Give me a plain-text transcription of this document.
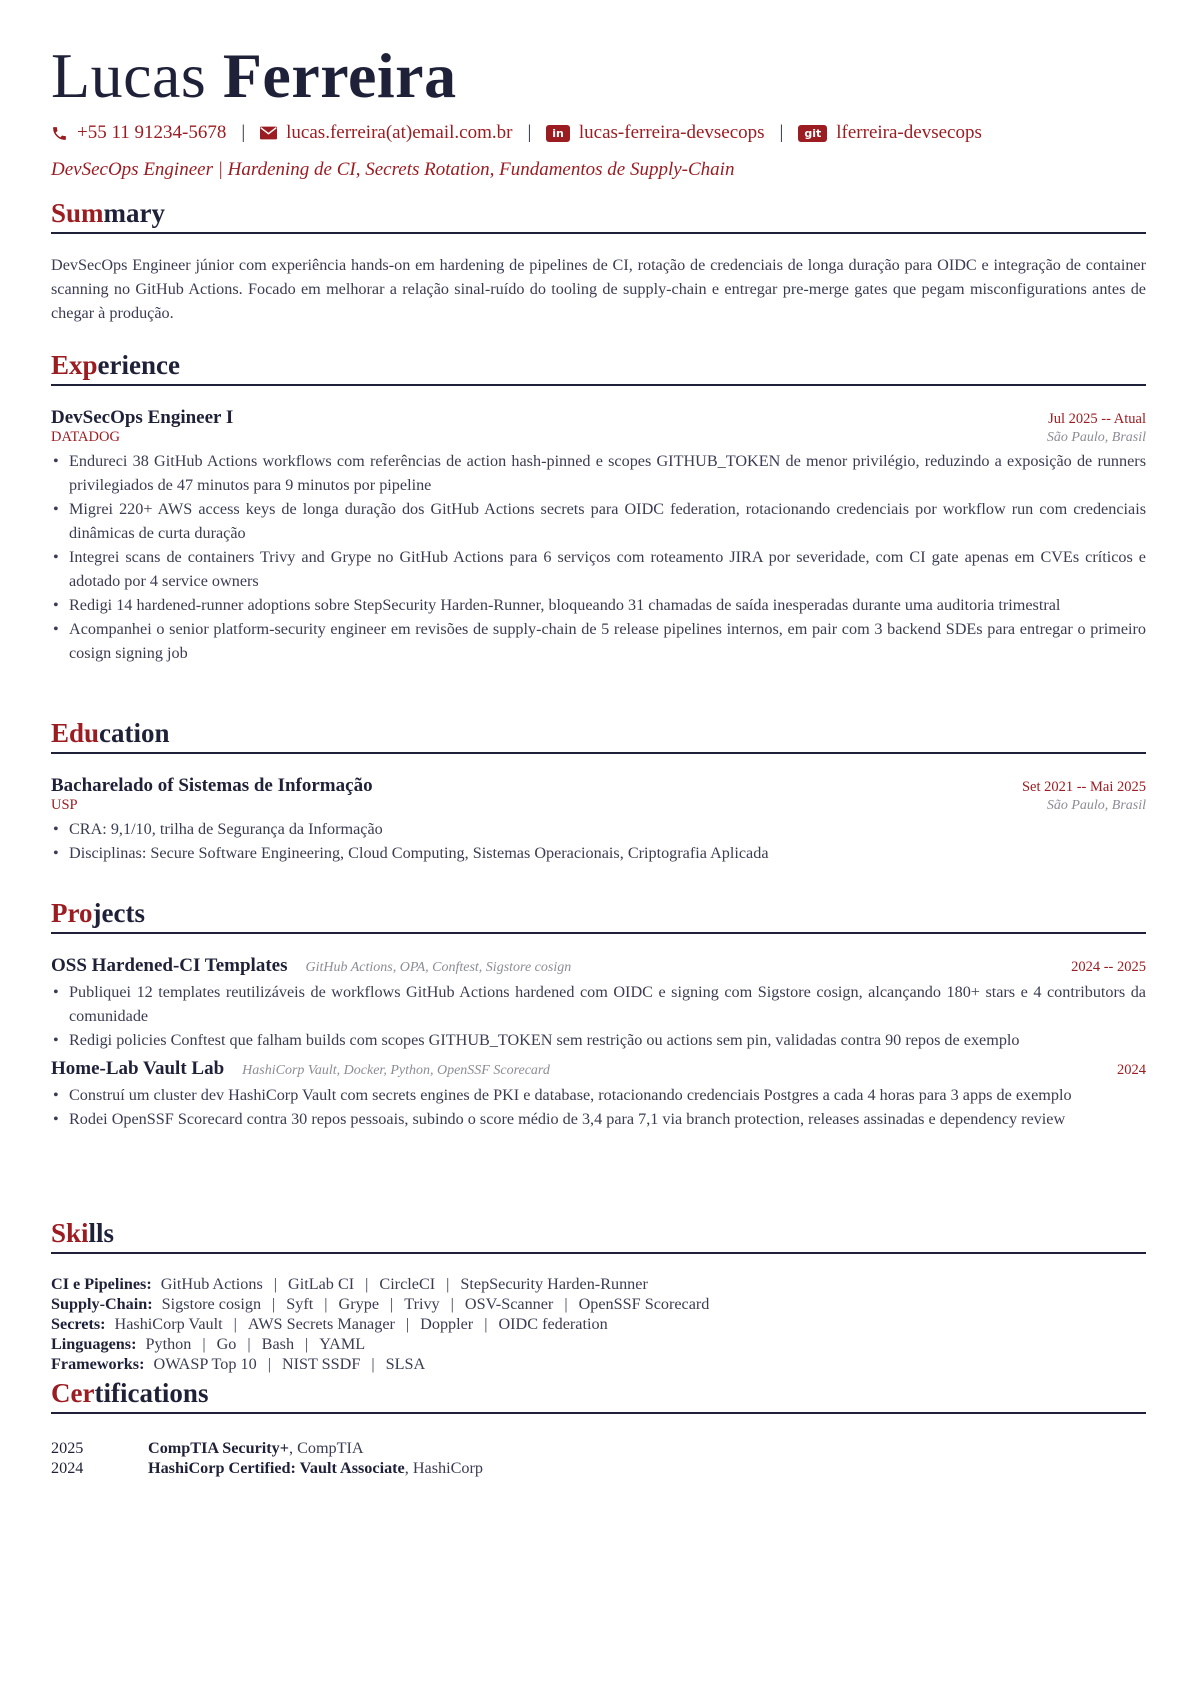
Lucas Ferreira
+55 11 91234-5678 | lucas.ferreira(at)email.com.br |	in lucas-ferreira-devsecops |	git lferreira-devsecops
DevSecOps Engineer | Hardening de CI, Secrets Rotation, Fundamentos de Supply-Chain
Summary
DevSecOps Engineer júnior com experiência hands-on em hardening de pipelines de CI, rotação de credenciais de longa duração para OIDC e integração de container scanning no GitHub Actions. Focado em melhorar a relação sinal-ruído do tooling de supply-chain e entregar pre-merge gates que pegam misconfigurations antes de chegar à produção.
Experience
DevSecOps Engineer I	Jul 2025 -- Atual
DATADOG	São Paulo, Brasil
• Endureci 38 GitHub Actions workflows com referências de action hash-pinned e scopes GITHUB_TOKEN de menor privilégio, reduzindo a exposição de runners privilegiados de 47 minutos para 9 minutos por pipeline
• Migrei 220+ AWS access keys de longa duração dos GitHub Actions secrets para OIDC federation, rotacionando credenciais por workflow run com credenciais dinâmicas de curta duração
• Integrei scans de containers Trivy and Grype no GitHub Actions para 6 serviços com roteamento JIRA por severidade, com CI gate apenas em CVEs críticos e adotado por 4 service owners
• Redigi 14 hardened-runner adoptions sobre StepSecurity Harden-Runner, bloqueando 31 chamadas de saída inesperadas durante uma auditoria trimestral
• Acompanhei o senior platform-security engineer em revisões de supply-chain de 5 release pipelines internos, em pair com 3 backend SDEs para entregar o primeiro cosign signing job
Education
Bacharelado of Sistemas de Informação	Set 2021 -- Mai 2025
USP	São Paulo, Brasil
• CRA: 9,1/10, trilha de Segurança da Informação
• Disciplinas: Secure Software Engineering, Cloud Computing, Sistemas Operacionais, Criptografia Aplicada
Projects
OSS Hardened-CI Templates GitHub Actions, OPA, Conftest, Sigstore cosign	2024 -- 2025
• Publiquei 12 templates reutilizáveis de workflows GitHub Actions hardened com OIDC e signing com Sigstore cosign, alcançando 180+ stars e 4 contributors da comunidade
• Redigi policies Conftest que falham builds com scopes GITHUB_TOKEN sem restrição ou actions sem pin, validadas contra 90 repos de exemplo
Home-Lab Vault Lab HashiCorp Vault, Docker, Python, OpenSSF Scorecard	2024
• Construí um cluster dev HashiCorp Vault com secrets engines de PKI e database, rotacionando credenciais Postgres a cada 4 horas para 3 apps de exemplo
• Rodei OpenSSF Scorecard contra 30 repos pessoais, subindo o score médio de 3,4 para 7,1 via branch protection, releases assinadas e dependency review
Skills
CI e Pipelines: GitHub Actions | GitLab CI | CircleCI | StepSecurity Harden-Runner
Supply-Chain: Sigstore cosign | Syft | Grype | Trivy | OSV-Scanner | OpenSSF Scorecard
Secrets: HashiCorp Vault | AWS Secrets Manager | Doppler | OIDC federation
Linguagens: Python | Go | Bash | YAML
Frameworks: OWASP Top 10 | NIST SSDF | SLSA
Certifications
2025	CompTIA Security+, CompTIA
2024	HashiCorp Certified: Vault Associate, HashiCorp
